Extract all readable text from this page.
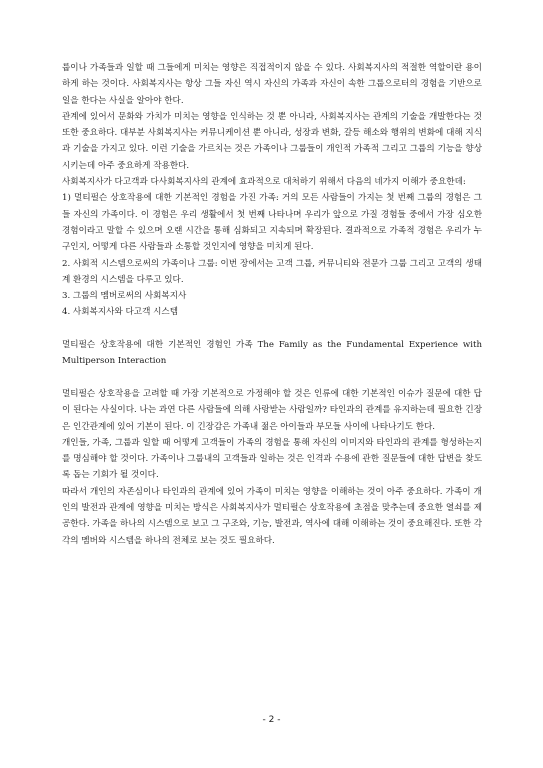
룹이나 가족들과 일할 때 그들에게 미치는 영향은 직접적이지 않을 수 있다. 사회복지사의 적절한 역할이란 용이하게 하는 것이다. 사회복지사는 항상 그들 자신 역시 자신의 가족과 자신이 속한 그룹으로터의 경험을 기반으로 일을 한다는 사실을 알아야 한다.

관계에 있어서 문화와 가치가 미치는 영향을 인식하는 것 뿐 아니라, 사회복지사는 관계의 기술을 개발한다는 것 또한 중요하다. 대부분 사회복지사는 커뮤니케이션 뿐 아니라, 성장과 변화, 갈등 해소와 행위의 변화에 대해 지식과 기술을 가지고 있다. 이런 기술을 가르치는 것은 가족이나 그룹들이 개인적 가족적 그리고 그룹의 기능을 향상시키는데 아주 중요하게 작용한다.

사회복지사가 다고객과 다사회복지사의 관계에 효과적으로 대처하기 위해서 다음의 네가지 이해가 중요한데:

1) 멀티펄슨 상호작용에 대한 기본적인 경험을 가진 가족: 거의 모든 사람들이 가지는 첫 번째 그룹의 경험은 그들 자신의 가족이다. 이 경험은 우리 생활에서 첫 번째 나타나며 우리가 앞으로 가질 경험들 중에서 가장 심오한 경험이라고 말할 수 있으며 오랜 시간을 통해 심화되고 지속되며 확장된다. 결과적으로 가족적 경험은 우리가 누구인지, 어떻게 다른 사람들과 소통할 것인지에 영향을 미치게 된다.

2. 사회적 시스템으로써의 가족이나 그룹: 이번 장에서는 고객 그룹, 커뮤니티와 전문가 그룹 그리고 고객의 생태계 환경의 시스템을 다루고 있다.

3. 그룹의 멤버로써의 사회복지사

4. 사회복지사와 다고객 시스템

멀티펄슨 상호작용에 대한 기본적인 경험인 가족 The Family as the Fundamental Experience with Multiperson Interaction

멀티펄슨 상호작용을 고려할 때 가장 기본적으로 가정해야 할 것은 인류에 대한 기본적인 이슈가 질문에 대한 답이 된다는 사실이다. 나는 과연 다른 사람들에 의해 사랑받는 사람일까? 타인과의 관계를 유지하는데 필요한 긴장은 인간관계에 있어 기본이 된다. 이 긴장감은 가족내 젊은 아이들과 부모들 사이에 나타나기도 한다.

개인들, 가족, 그룹과 일할 때 어떻게 고객들이 가족의 경험을 통해 자신의 이미지와 타인과의 관계를 형성하는지를 명심해야 할 것이다. 가족이나 그룹내의 고객들과 일하는 것은 인격과 수용에 관한 질문들에 대한 답변을 찾도록 돕는 기회가 될 것이다.

따라서 개인의 자존심이나 타인과의 관계에 있어 가족이 미치는 영향을 이해하는 것이 아주 중요하다. 가족이 개인의 발전과 관계에 영향을 미치는 방식은 사회복지사가 멀티펄슨 상호작용에 초점을 맞추는데 중요한 열쇠를 제공한다. 가족을 하나의 시스템으로 보고 그 구조와, 기능, 발전과, 역사에 대해 이해하는 것이 중요해진다. 또한 각각의 멤버와 시스템을 하나의 전체로 보는 것도 필요하다.

- 2 -
